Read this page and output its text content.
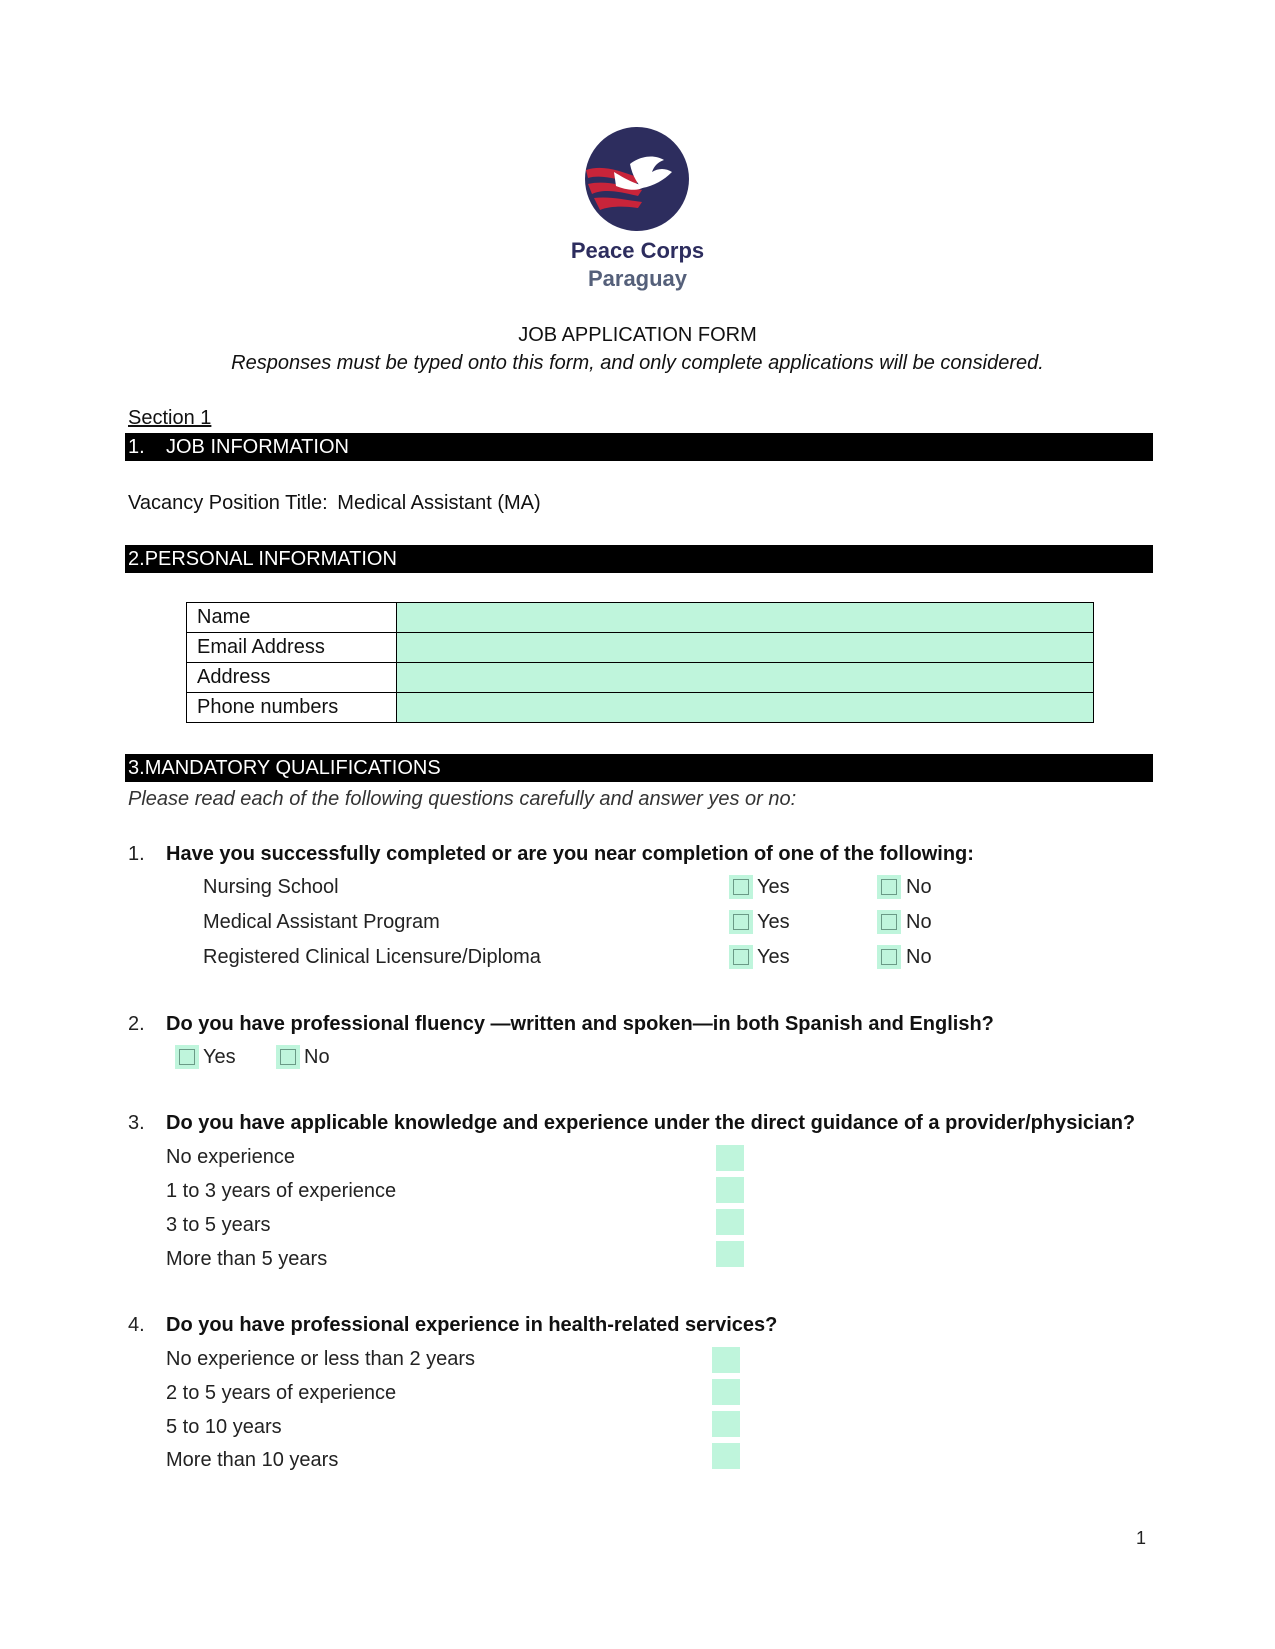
Peace Corps
Paraguay
JOB APPLICATION FORM
Responses must be typed onto this form, and only complete applications will be considered.
Section 1
1. JOB INFORMATION
Vacancy Position Title: Medical Assistant (MA)
2.PERSONAL INFORMATION
Name	
Email Address	
Address	
Phone numbers	
3.MANDATORY QUALIFICATIONS
Please read each of the following questions carefully and answer yes or no:
1. Have you successfully completed or are you near completion of one of the following:
Nursing School	Yes	No
Medical Assistant Program	Yes	No
Registered Clinical Licensure/Diploma	Yes	No
2. Do you have professional fluency —written and spoken—in both Spanish and English?
Yes	No
3. Do you have applicable knowledge and experience under the direct guidance of a provider/physician?
No experience
1 to 3 years of experience
3 to 5 years
More than 5 years
4. Do you have professional experience in health-related services?
No experience or less than 2 years
2 to 5 years of experience
5 to 10 years
More than 10 years
1
